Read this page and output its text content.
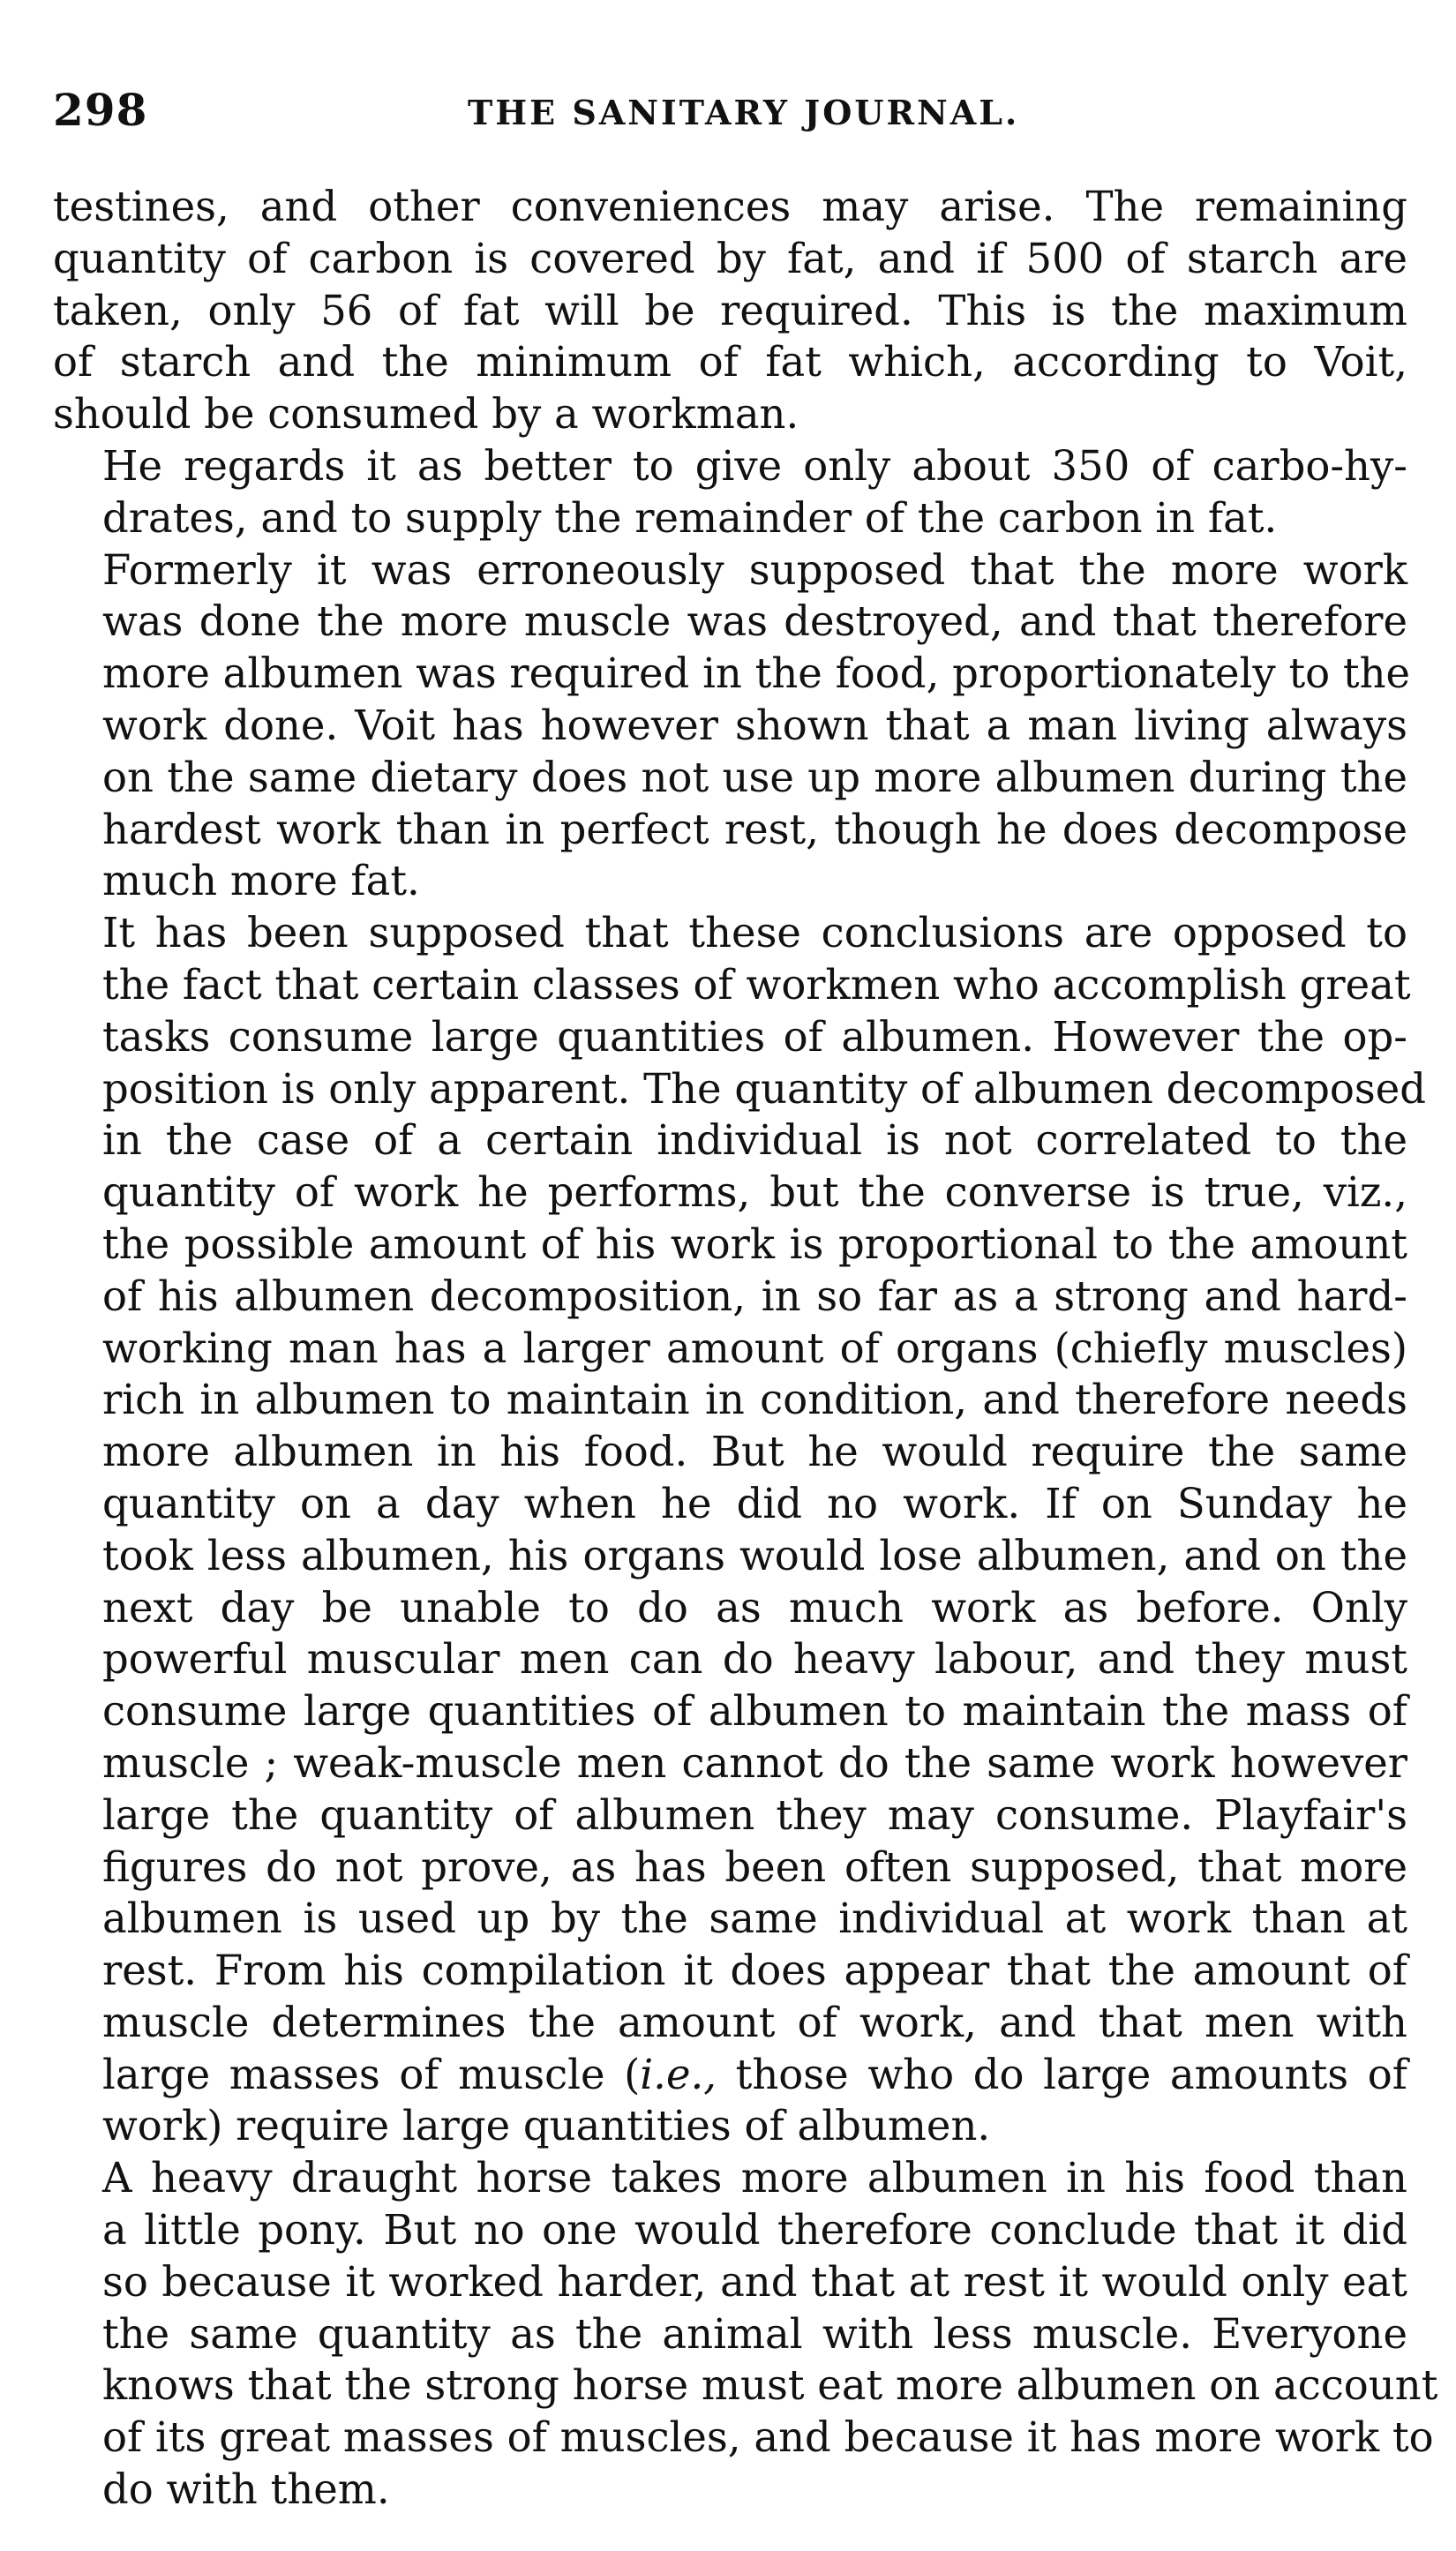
298	THE SANITARY JOURNAL.

testines, and other conveniences may arise. The remaining
quantity of carbon is covered by fat, and if 500 of starch are
taken, only 56 of fat will be required. This is the maximum
of starch and the minimum of fat which, according to Voit,
should be consumed by a workman.

He regards it as better to give only about 350 of carbo-hy-
drates, and to supply the remainder of the carbon in fat.

Formerly it was erroneously supposed that the more work
was done the more muscle was destroyed, and that therefore
more albumen was required in the food, proportionately to the
work done. Voit has however shown that a man living always
on the same dietary does not use up more albumen during the
hardest work than in perfect rest, though he does decompose
much more fat.

It has been supposed that these conclusions are opposed to
the fact that certain classes of workmen who accomplish great
tasks consume large quantities of albumen. However the op-
position is only apparent. The quantity of albumen decomposed
in the case of a certain individual is not correlated to the
quantity of work he performs, but the converse is true, viz.,
the possible amount of his work is proportional to the amount
of his albumen decomposition, in so far as a strong and hard-
working man has a larger amount of organs (chiefly muscles)
rich in albumen to maintain in condition, and therefore needs
more albumen in his food. But he would require the same
quantity on a day when he did no work. If on Sunday he
took less albumen, his organs would lose albumen, and on the
next day be unable to do as much work as before. Only
powerful muscular men can do heavy labour, and they must
consume large quantities of albumen to maintain the mass of
muscle ; weak-muscle men cannot do the same work however
large the quantity of albumen they may consume. Playfair's
figures do not prove, as has been often supposed, that more
albumen is used up by the same individual at work than at
rest. From his compilation it does appear that the amount of
muscle determines the amount of work, and that men with
large masses of muscle (i.e., those who do large amounts of
work) require large quantities of albumen.

A heavy draught horse takes more albumen in his food than
a little pony. But no one would therefore conclude that it did
so because it worked harder, and that at rest it would only eat
the same quantity as the animal with less muscle. Everyone
knows that the strong horse must eat more albumen on account
of its great masses of muscles, and because it has more work to
do with them.
